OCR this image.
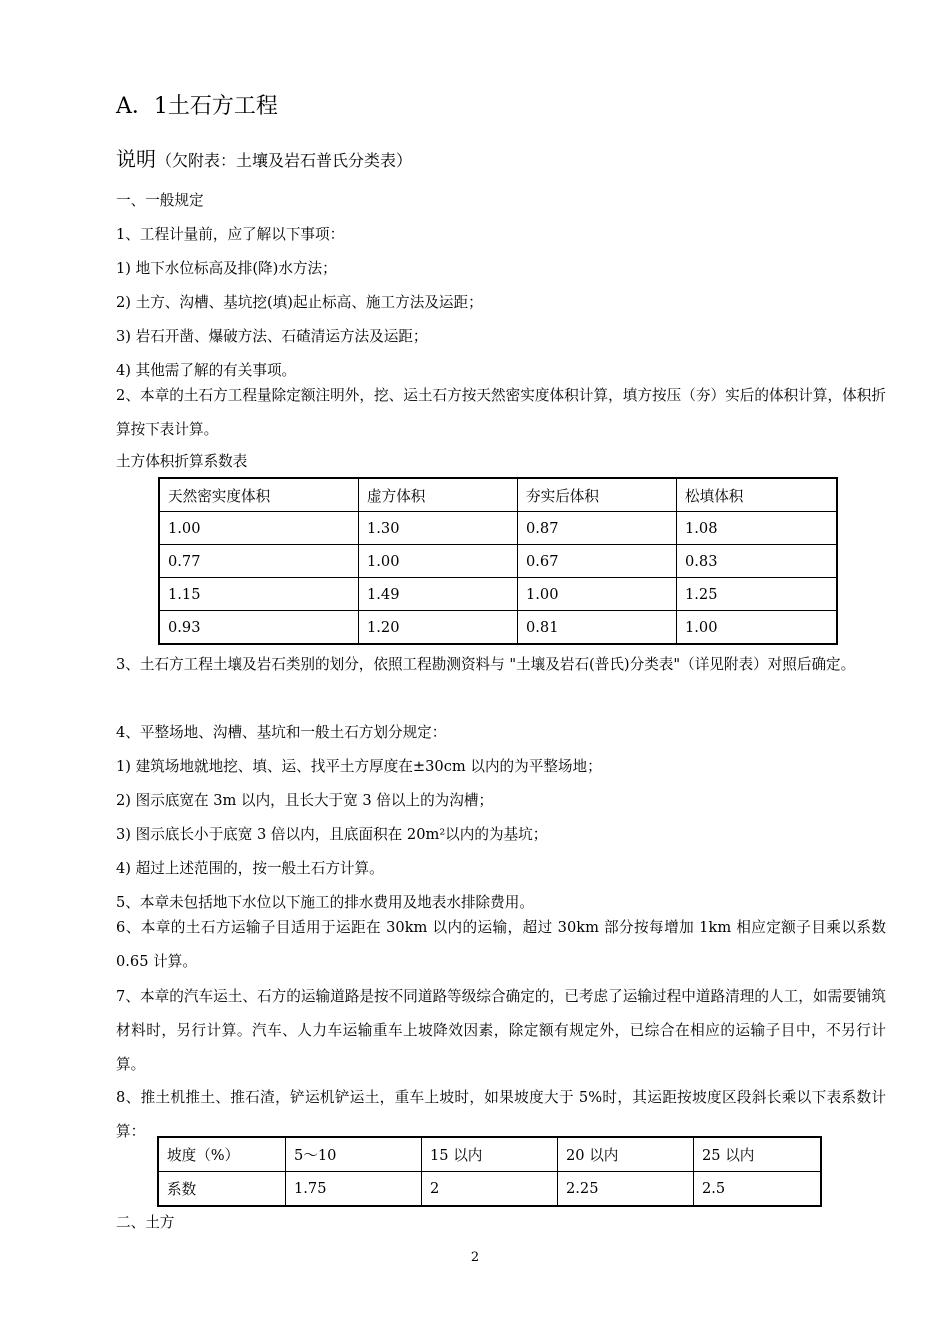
A．1土石方工程
说明（欠附表：土壤及岩石普氏分类表）
一、一般规定
1、工程计量前，应了解以下事项：
1) 地下水位标高及排(降)水方法；
2) 土方、沟槽、基坑挖(填)起止标高、施工方法及运距；
3) 岩石开凿、爆破方法、石碴清运方法及运距；
4) 其他需了解的有关事项。
2、本章的土石方工程量除定额注明外，挖、运土石方按天然密实度体积计算，填方按压（夯）实后的体积计算，体积折算按下表计算。
土方体积折算系数表
天然密实度体积	虚方体积	夯实后体积	松填体积
1.00	1.30	0.87	1.08
0.77	1.00	0.67	0.83
1.15	1.49	1.00	1.25
0.93	1.20	0.81	1.00
3、土石方工程土壤及岩石类别的划分，依照工程勘测资料与 "土壤及岩石(普氏)分类表"（详见附表）对照后确定。
4、平整场地、沟槽、基坑和一般土石方划分规定：
1) 建筑场地就地挖、填、运、找平土方厚度在±30cm 以内的为平整场地；
2) 图示底宽在 3m 以内，且长大于宽 3 倍以上的为沟槽；
3) 图示底长小于底宽 3 倍以内，且底面积在 20m²以内的为基坑；
4) 超过上述范围的，按一般土石方计算。
5、本章未包括地下水位以下施工的排水费用及地表水排除费用。
6、本章的土石方运输子目适用于运距在 30km 以内的运输，超过 30km 部分按每增加 1km 相应定额子目乘以系数 0.65 计算。
7、本章的汽车运土、石方的运输道路是按不同道路等级综合确定的，已考虑了运输过程中道路清理的人工，如需要铺筑材料时，另行计算。汽车、人力车运输重车上坡降效因素，除定额有规定外，已综合在相应的运输子目中，不另行计算。
8、推土机推土、推石渣，铲运机铲运土，重车上坡时，如果坡度大于 5%时，其运距按坡度区段斜长乘以下表系数计算：
坡度（%）	5～10	15 以内	20 以内	25 以内
系数	1.75	2	2.25	2.5
二、土方
2
